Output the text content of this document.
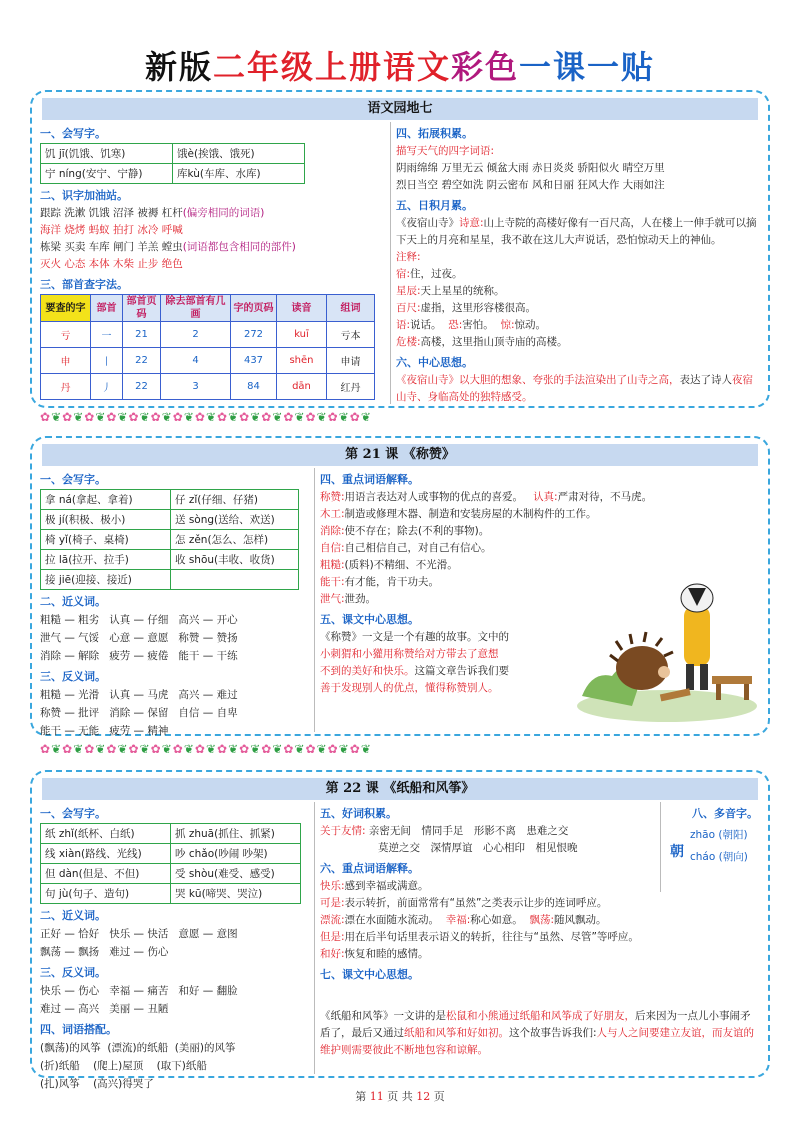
新版二年级上册语文彩色一课一贴
语文园地七
一、会写字。
饥 jī(饥饿、饥寒)	饿è(挨饿、饿死)
宁 níng(安宁、宁静)	库kù(车库、水库)
二、识字加油站。
跟踪 洗漱 饥饿 沼泽 被褥 杠杆(偏旁相同的词语)
海洋 烧烤 蚂蚁 拍打 冰冷 呼喊
栋梁 买卖 车库 闸门 羊羔 螳虫(词语都包含相同的部件)
灭火 心态 本体 木柴 止步 绝色
三、部首查字法。
要查的字	部首	部首页码	除去部首有几画	字的页码	读音	组词
亏	一	21	2	272	kuī	亏本
申	丨	22	4	437	shēn	申请
丹	丿	22	3	84	dān	红丹
四、拓展积累。
描写天气的四字词语:
阴雨绵绵 万里无云 倾盆大雨 赤日炎炎 骄阳似火 晴空万里
烈日当空 碧空如洗 阴云密布 风和日丽 狂风大作 大雨如注
五、日积月累。
《夜宿山寺》诗意:山上寺院的高楼好像有一百尺高，人在楼上一伸手就可以摘下天上的月亮和星星，我不敢在这儿大声说话，恐怕惊动天上的神仙。
注释:
宿:住，过夜。
星辰:天上星星的统称。
百尺:虚指，这里形容楼很高。
语:说话。 恐:害怕。 惊:惊动。
危楼:高楼，这里指山顶寺庙的高楼。
六、中心思想。
《夜宿山寺》以大胆的想象、夸张的手法渲染出了山寺之高，表达了诗人夜宿山寺、身临高处的独特感受。
✿❦✿❦✿❦✿❦✿❦✿❦✿❦✿❦✿❦✿❦✿❦✿❦✿❦✿❦✿❦
第 21 课 《称赞》
一、会写字。
拿 ná(拿起、拿着)	仔 zǐ(仔细、仔猪)
极 jí(积极、极小)	送 sòng(送给、欢送)
椅 yǐ(椅子、桌椅)	怎 zěn(怎么、怎样)
拉 lā(拉开、拉手)	收 shōu(丰收、收货)
接 jiē(迎接、接近)	
二、近义词。
粗糙 — 粗劣 认真 — 仔细 高兴 — 开心
泄气 — 气馁 心意 — 意愿 称赞 — 赞扬
消除 — 解除 疲劳 — 疲倦 能干 — 干练
三、反义词。
粗糙 — 光滑 认真 — 马虎 高兴 — 难过
称赞 — 批评 消除 — 保留 自信 — 自卑
能干 — 无能 疲劳 — 精神
四、重点词语解释。
称赞:用语言表达对人或事物的优点的喜爱。 认真:严肃对待，不马虎。
木工:制造或修理木器、制造和安装房屋的木制构件的工作。
消除:使不存在；除去(不利的事物)。
自信:自己相信自己，对自己有信心。
粗糙:(质料)不精细、不光滑。
能干:有才能，肯干功夫。
泄气:泄劲。
五、课文中心思想。
《称赞》一文是一个有趣的故事。文中的
小刺猬和小獾用称赞给对方带去了意想
不到的美好和快乐。这篇文章告诉我们要
善于发现别人的优点，懂得称赞别人。
✿❦✿❦✿❦✿❦✿❦✿❦✿❦✿❦✿❦✿❦✿❦✿❦✿❦✿❦✿❦
第 22 课 《纸船和风筝》
一、会写字。
纸 zhǐ(纸杯、白纸)	抓 zhuā(抓住、抓紧)
线 xiàn(路线、光线)	吵 chǎo(吵闹 吵架)
但 dàn(但是、不但)	受 shòu(难受、感受)
句 jù(句子、造句)	哭 kū(啼哭、哭泣)
二、近义词。
正好 — 恰好 快乐 — 快活 意愿 — 意图
飘荡 — 飘扬 难过 — 伤心
三、反义词。
快乐 — 伤心 幸福 — 痛苦 和好 — 翻脸
难过 — 高兴 美丽 — 丑陋
四、词语搭配。
(飘荡)的风筝 (漂流)的纸船 (美丽)的风筝
(折)纸船 (爬上)屋顶 (取下)纸船
(扎)风筝 (高兴)得哭了
五、好词积累。
关于友情: 亲密无间　情同手足　形影不离　患难之交
莫逆之交　深情厚谊　心心相印　相见恨晚
六、重点词语解释。
快乐:感到幸福或满意。
可是:表示转折，前面常常有“虽然”之类表示让步的连词呼应。
漂流:漂在水面随水流动。 幸福:称心如意。 飘荡:随风飘动。
但是:用在后半句话里表示语义的转折，往往与“虽然、尽管”等呼应。
和好:恢复和睦的感情。
七、课文中心思想。
《纸船和风筝》一文讲的是松鼠和小熊通过纸船和风筝成了好朋友，后来因为一点儿小事闹矛盾了，最后又通过纸船和风筝和好如初。这个故事告诉我们:人与人之间要建立友谊，而友谊的维护则需要彼此不断地包容和谅解。
八、多音字。
朝
zhāo (朝阳)
cháo (朝向)
第 11 页 共 12 页
